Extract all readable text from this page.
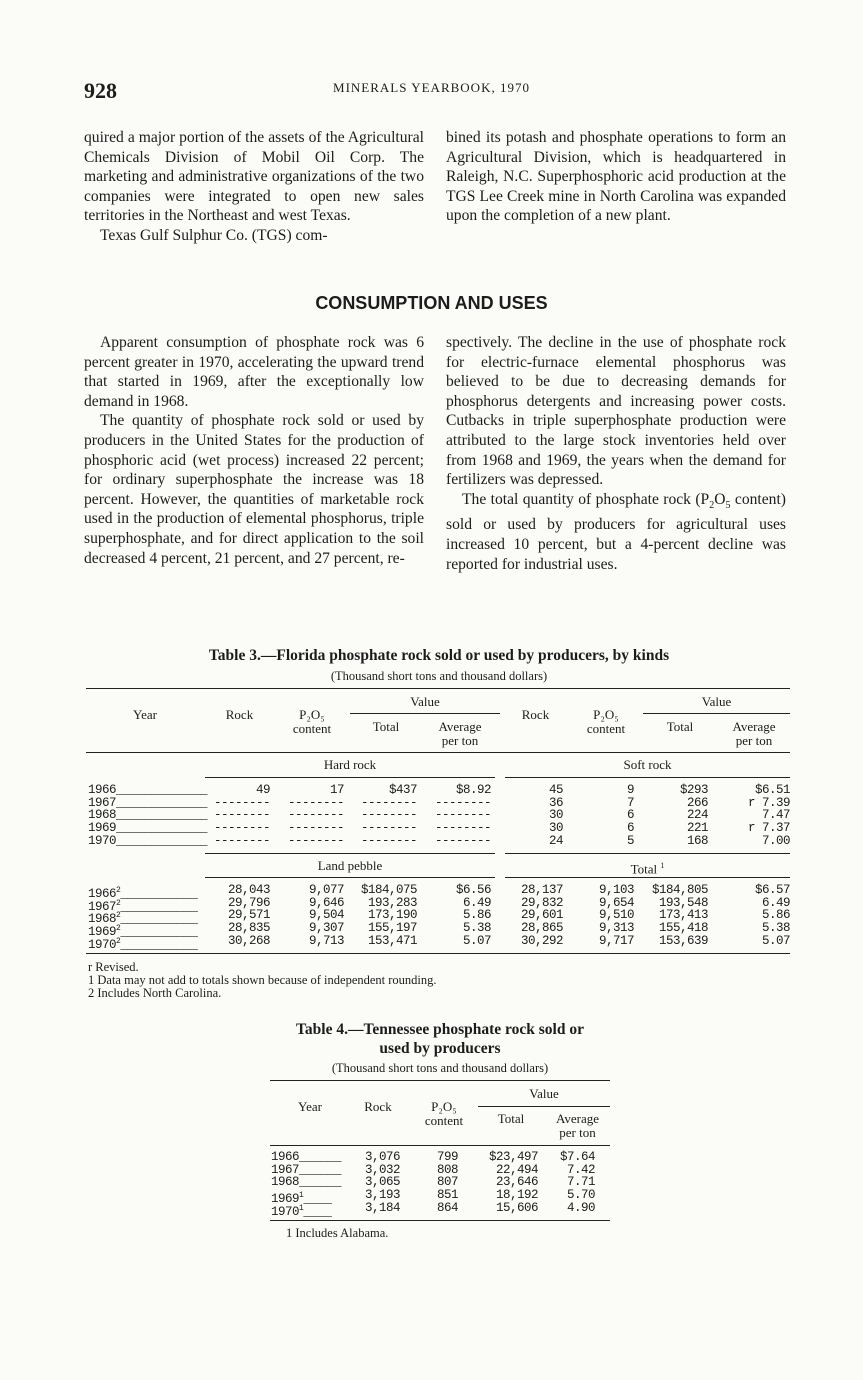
928	MINERALS YEARBOOK, 1970

quired a major portion of the assets of the Agricultural Chemicals Division of Mobil Oil Corp. The marketing and administrative organizations of the two companies were integrated to open new sales territories in the Northeast and west Texas.

Texas Gulf Sulphur Co. (TGS) com-

bined its potash and phosphate operations to form an Agricultural Division, which is headquartered in Raleigh, N.C. Superphosphoric acid production at the TGS Lee Creek mine in North Carolina was expanded upon the completion of a new plant.

CONSUMPTION AND USES

Apparent consumption of phosphate rock was 6 percent greater in 1970, accelerating the upward trend that started in 1969, after the exceptionally low demand in 1968.

The quantity of phosphate rock sold or used by producers in the United States for the production of phosphoric acid (wet process) increased 22 percent; for ordinary superphosphate the increase was 18 percent. However, the quantities of marketable rock used in the production of elemental phosphorus, triple superphosphate, and for direct application to the soil decreased 4 percent, 21 percent, and 27 percent, re-

spectively. The decline in the use of phosphate rock for electric-furnace elemental phosphorus was believed to be due to decreasing demands for phosphorus detergents and increasing power costs. Cutbacks in triple superphosphate production were attributed to the large stock inventories held over from 1968 and 1969, the years when the demand for fertilizers was depressed.

The total quantity of phosphate rock ($P_2O_5$ content) sold or used by producers for agricultural uses increased 10 percent, but a 4-percent decline was reported for industrial uses.

Table 3.—Florida phosphate rock sold or used by producers, by kinds
(Thousand short tons and thousand dollars)
Year	Rock	P₂O₅
content
Value
Total	Average
per ton
Rock	P₂O₅
content
Value
Total	Average
per ton
Hard rock	Soft rock
Land pebble	Total $^1$
r Revised.
1 Data may not add to totals shown because of independent rounding.
2 Includes North Carolina.
1966_____________	49	17	$437	$8.92	45	9	$293	$6.51
1967_____________ --------	--------	--------	--------	36	7	266	r 7.39
1968_____________ --------	--------	--------	--------	30	6	224	7.47
1969_____________ --------	--------	--------	--------	30	6	221	r 7.37
1970_____________ --------	--------	--------	--------	24	5	168	7.00
1966$^2$___________	28,043	9,077	$184,075	$6.56	28,137	9,103	$184,805	$6.57
1967$^2$___________	29,796	9,646	193,283	6.49	29,832	9,654	193,548	6.49
1968$^2$___________	29,571	9,504	173,190	5.86	29,601	9,510	173,413	5.86
1969$^2$___________	28,835	9,307	155,197	5.38	28,865	9,313	155,418	5.38
1970$^2$___________	30,268	9,713	153,471	5.07	30,292	9,717	153,639	5.07
Table 4.—Tennessee phosphate rock sold or
used by producers
(Thousand short tons and thousand dollars)
Year	Rock	P₂O₅
content
Value
Total	Average
per ton
1 Includes Alabama.
1966______	3,076	799	$23,497	$7.64
1967______	3,032	808	22,494	7.42
1968______	3,065	807	23,646	7.71
1969$^1$____	3,193	851	18,192	5.70
1970$^1$____	3,184	864	15,606	4.90
